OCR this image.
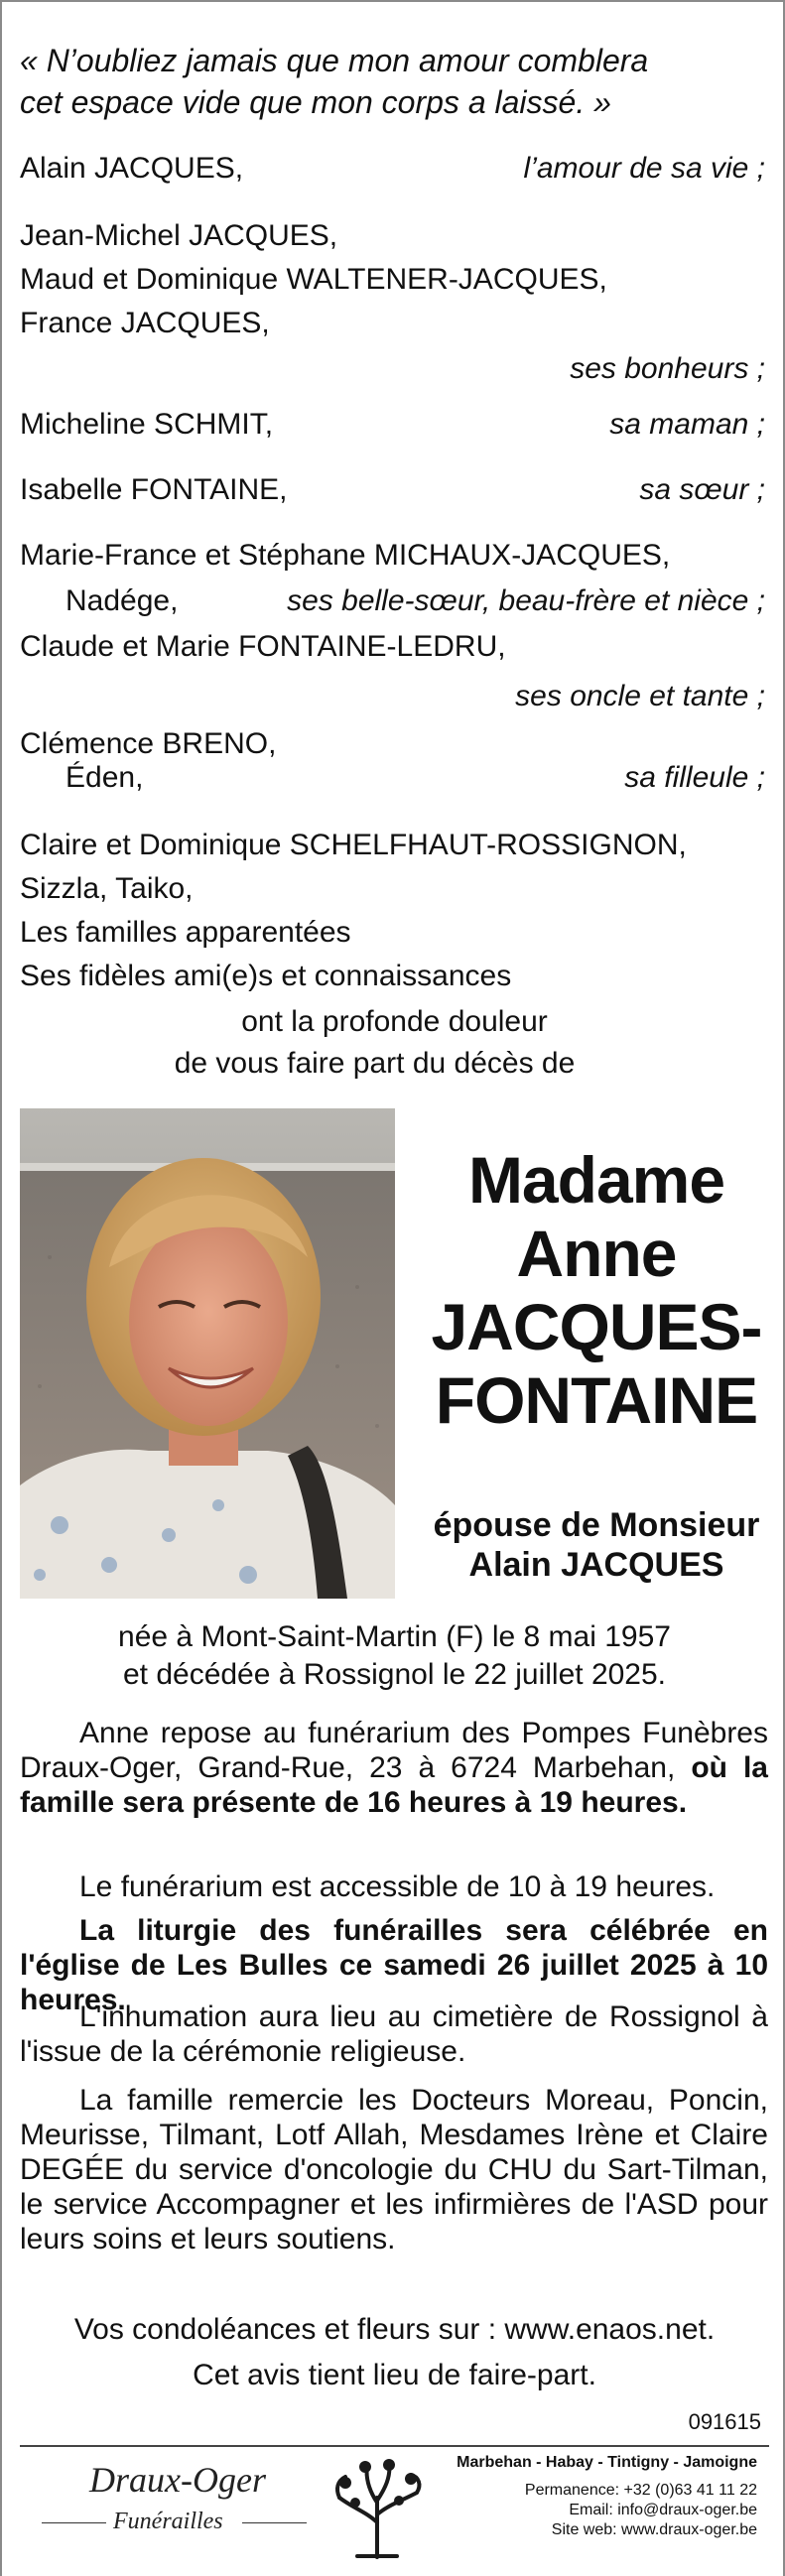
« N’oubliez jamais que mon amour comblera
cet espace vide que mon corps a laissé. »
Alain JACQUES,	l’amour de sa vie ;
Jean-Michel JACQUES,
Maud et Dominique WALTENER-JACQUES,
France JACQUES,
ses bonheurs ;
Micheline SCHMIT,	sa maman ;
Isabelle FONTAINE,	sa sœur ;
Marie-France et Stéphane MICHAUX-JACQUES,
Nadége,	ses belle-sœur, beau-frère et nièce ;
Claude et Marie FONTAINE-LEDRU,
ses oncle et tante ;
Clémence BRENO,
Éden,	sa filleule ;
Claire et Dominique SCHELFHAUT-ROSSIGNON,
Sizzla, Taiko,
Les familles apparentées
Ses fidèles ami(e)s et connaissances
ont la profonde douleur
de vous faire part du décès de
Madame
Anne
JACQUES-
FONTAINE
épouse de Monsieur
Alain JACQUES
née à Mont-Saint-Martin (F) le 8 mai 1957
et décédée à Rossignol le 22 juillet 2025.
Anne repose au funérarium des Pompes Funèbres Draux-Oger, Grand-Rue, 23 à 6724 Marbehan, où la famille sera présente de 16 heures à 19 heures.
Le funérarium est accessible de 10 à 19 heures.
La liturgie des funérailles sera célébrée en l'église de Les Bulles ce samedi 26 juillet 2025 à 10 heures.
L'inhumation aura lieu au cimetière de Rossignol à l'issue de la cérémonie religieuse.
La famille remercie les Docteurs Moreau, Poncin, Meurisse, Tilmant, Lotf Allah, Mesdames Irène et Claire DEGÉE du service d'oncologie du CHU du Sart-Tilman, le service Accompagner et les infirmières de l'ASD pour leurs soins et leurs soutiens.
Vos condoléances et fleurs sur : www.enaos.net.
Cet avis tient lieu de faire-part.
091615
Draux-Oger
Funérailles
Marbehan - Habay - Tintigny - Jamoigne
Permanence: +32 (0)63 41 11 22
Email: info@draux-oger.be
Site web: www.draux-oger.be
